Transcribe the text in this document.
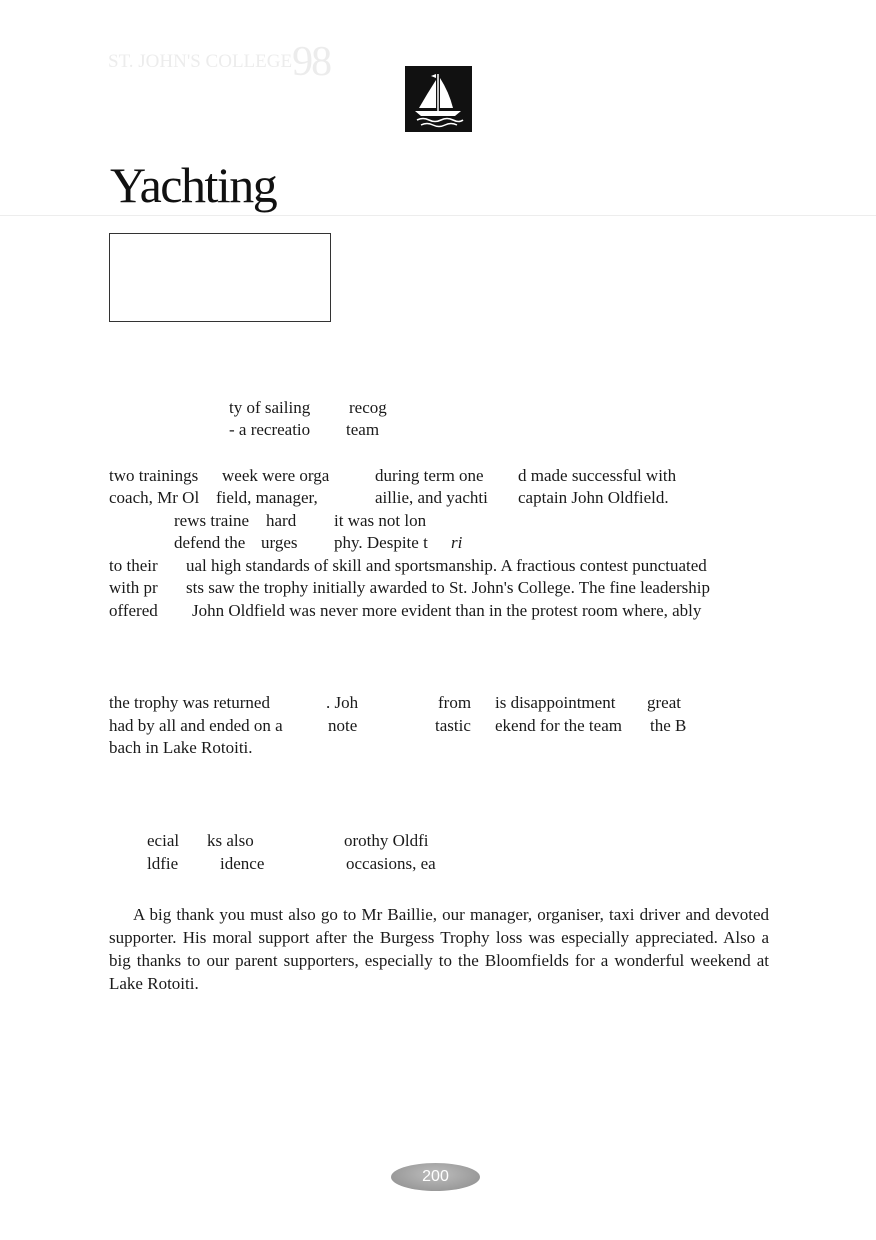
ST. JOHN'S COLLEGE98
Yachting
ty of sailing recog
- a recreatio team
two trainings week were orga	during term one d made successful with
coach, Mr Ol field, manager,	aillie, and yachti captain John Oldfield.
rews traine hard it was not lon
defend the urges phy. Despite t ri
to their ual high standards of skill and sportsmanship. A fractious contest punctuated
with pr sts saw the trophy initially awarded to St. John's College. The fine leadership
offered John Oldfield was never more evident than in the protest room where, ably
the trophy was returned	. Joh	from is disappointment great
had by all and ended on a	note	tastic ekend for the team the B
bach in Lake Rotoiti.
ecial ks also	orothy Oldfi
ldfie idence	occasions, ea

A big thank you must also go to Mr Baillie, our manager, organiser, taxi driver and devoted supporter. His moral support after the Burgess Trophy loss was especially appreciated. Also a big thanks to our parent supporters, especially to the Bloomfields for a wonderful weekend at Lake Rotoiti.

200
